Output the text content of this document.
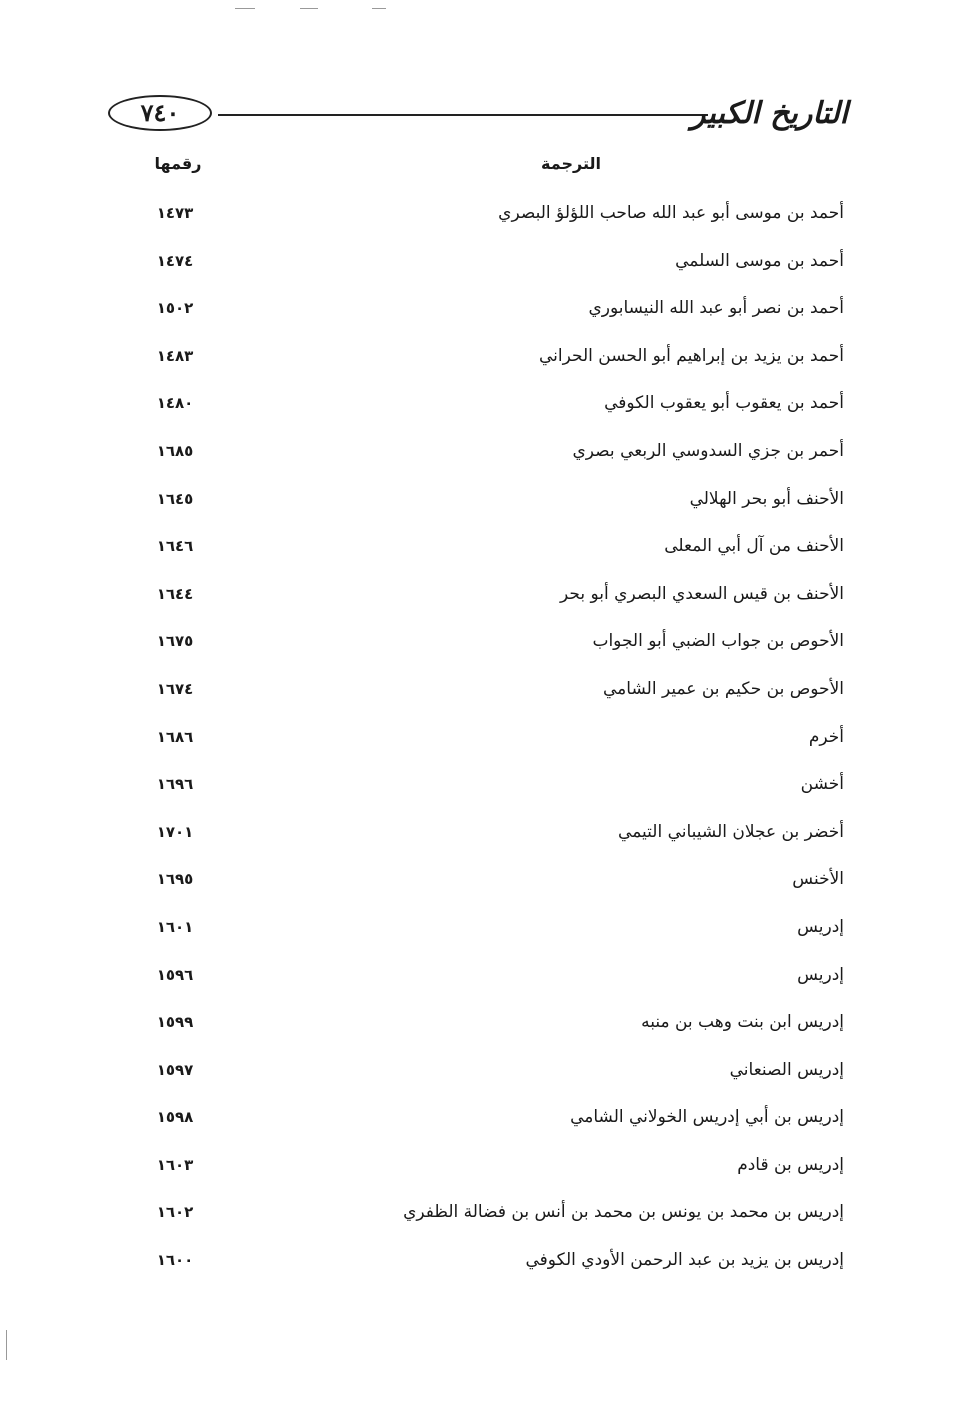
٧٤٠	التاريخ الكبير
الترجمة
رقمها
أحمد بن موسى أبو عبد الله صاحب اللؤلؤ البصري
١٤٧٣
أحمد بن موسى السلمي
١٤٧٤
أحمد بن نصر أبو عبد الله النيسابوري
١٥٠٢
أحمد بن يزيد بن إبراهيم أبو الحسن الحراني
١٤٨٣
أحمد بن يعقوب أبو يعقوب الكوفي
١٤٨٠
أحمر بن جزي السدوسي الربعي بصري
١٦٨٥
الأحنف أبو بحر الهلالي
١٦٤٥
الأحنف من آل أبي المعلى
١٦٤٦
الأحنف بن قيس السعدي البصري أبو بحر
١٦٤٤
الأحوص بن جواب الضبي أبو الجواب
١٦٧٥
الأحوص بن حكيم بن عمير الشامي
١٦٧٤
أخرم
١٦٨٦
أخشن
١٦٩٦
أخضر بن عجلان الشيباني التيمي
١٧٠١
الأخنس
١٦٩٥
إدريس
١٦٠١
إدريس
١٥٩٦
إدريس ابن بنت وهب بن منبه
١٥٩٩
إدريس الصنعاني
١٥٩٧
إدريس بن أبي إدريس الخولاني الشامي
١٥٩٨
إدريس بن قادم
١٦٠٣
إدريس بن محمد بن يونس بن محمد بن أنس بن فضالة الظفري
١٦٠٢
إدريس بن يزيد بن عبد الرحمن الأودي الكوفي
١٦٠٠
